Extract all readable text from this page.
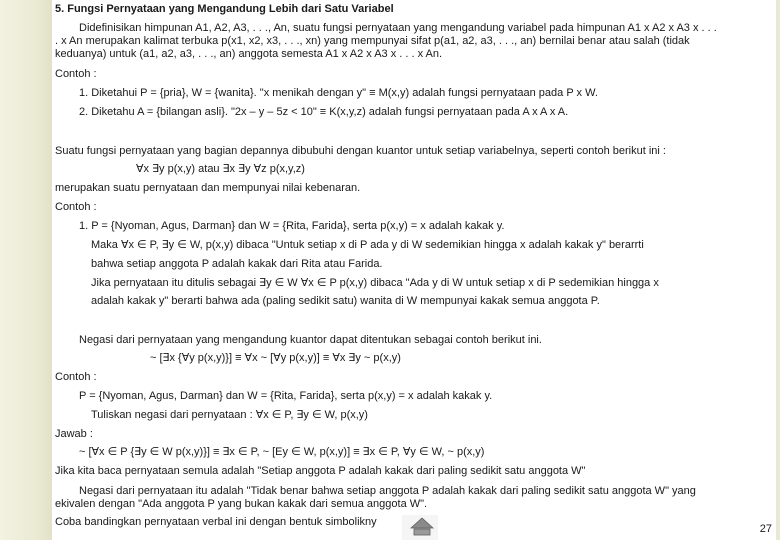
5. Fungsi Pernyataan yang Mengandung Lebih dari Satu Variabel
Didefinisikan himpunan A1, A2, A3, . . ., An, suatu fungsi pernyataan yang mengandung variabel pada himpunan A1 x A2 x A3 x . . .
. x An merupakan kalimat terbuka p(x1, x2, x3, . . ., xn) yang mempunyai sifat p(a1, a2, a3, . . ., an) bernilai benar atau salah (tidak
keduanya) untuk (a1, a2, a3, . . ., an) anggota semesta A1 x A2 x A3 x . . . x An.
Contoh :
1. Diketahui P = {pria}, W = {wanita}. "x menikah dengan y" ≡ M(x,y) adalah fungsi pernyataan pada P x W.
2. Diketahu A = {bilangan asli}. "2x – y – 5z < 10" ≡ K(x,y,z) adalah fungsi pernyataan pada A x A x A.
Suatu fungsi pernyataan yang bagian depannya dibubuhi dengan kuantor untuk setiap variabelnya, seperti contoh berikut ini :
∀x ∃y p(x,y) atau ∃x ∃y ∀z p(x,y,z)
merupakan suatu pernyataan dan mempunyai nilai kebenaran.
Contoh :
1. P = {Nyoman, Agus, Darman} dan W = {Rita, Farida}, serta p(x,y) = x adalah kakak y.
Maka ∀x ∈ P, ∃y ∈ W, p(x,y) dibaca "Untuk setiap x di P ada y di W sedemikian hingga x adalah kakak y" berarrti
bahwa setiap anggota P adalah kakak dari Rita atau Farida.
Jika pernyataan itu ditulis sebagai ∃y ∈ W ∀x ∈ P p(x,y) dibaca "Ada y di W untuk setiap x di P sedemikian hingga x
adalah kakak y" berarti bahwa ada (paling sedikit satu) wanita di W mempunyai kakak semua anggota P.
Negasi dari pernyataan yang mengandung kuantor dapat ditentukan sebagai contoh berikut ini.
~ [∃x {∀y p(x,y)}] ≡ ∀x ~ [∀y p(x,y)] ≡ ∀x ∃y ~ p(x,y)
Contoh :
P = {Nyoman, Agus, Darman} dan W = {Rita, Farida}, serta p(x,y) = x adalah kakak y.
Tuliskan negasi dari pernyataan : ∀x ∈ P, ∃y ∈ W, p(x,y)
Jawab :
~ [∀x ∈ P {∃y ∈ W p(x,y)}] ≡ ∃x ∈ P, ~ [Ey ∈ W, p(x,y)] ≡ ∃x ∈ P, ∀y ∈ W, ~ p(x,y)
Jika kita baca pernyataan semula adalah "Setiap anggota P adalah kakak dari paling sedikit satu anggota W"
Negasi dari pernyataan itu adalah "Tidak benar bahwa setiap anggota P adalah kakak dari paling sedikit satu anggota W" yang
ekivalen dengan "Ada anggota P yang bukan kakak dari semua anggota W".
Coba bandingkan pernyataan verbal ini dengan bentuk simbolikny
27
